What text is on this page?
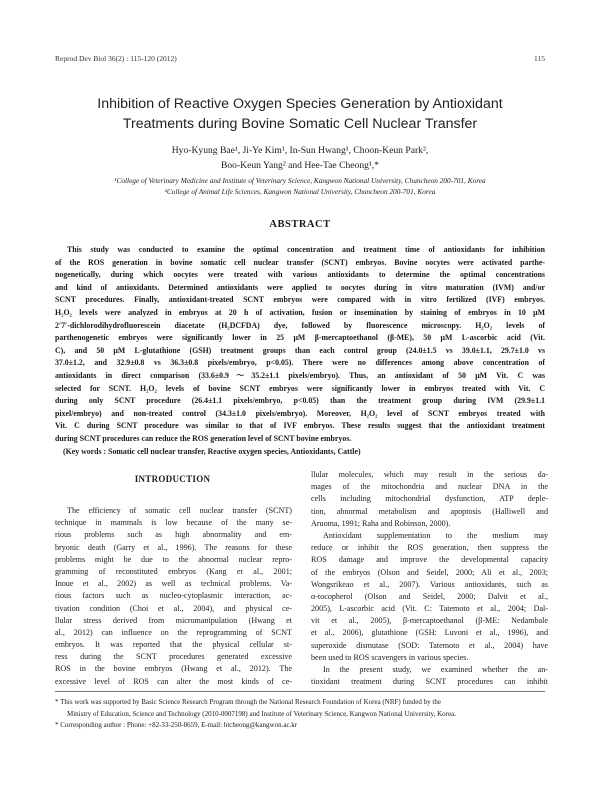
Reprod Dev Biol 36(2) : 115-120 (2012)	115
Inhibition of Reactive Oxygen Species Generation by Antioxidant
Treatments during Bovine Somatic Cell Nuclear Transfer
Hyo-Kyung Bae¹, Ji-Ye Kim¹, In-Sun Hwang¹, Choon-Keun Park²,
Boo-Keun Yang² and Hee-Tae Cheong¹,*
¹College of Veterinary Medicine and Institute of Veterinary Science, Kangwon National University, Chuncheon 200-701, Korea
²College of Animal Life Sciences, Kangwon National University, Chuncheon 200-701, Korea
ABSTRACT
This study was conducted to examine the optimal concentration and treatment time of antioxidants for inhibition
of the ROS generation in bovine somatic cell nuclear transfer (SCNT) embryos. Bovine oocytes were activated parthe-
nogenetically, during which oocytes were treated with various antioxidants to determine the optimal concentrations
and kind of antioxidants. Determined antioxidants were applied to oocytes during in vitro maturation (IVM) and/or
SCNT procedures. Finally, antioxidant-treated SCNT embryos were compared with in vitro fertilized (IVF) embryos.
H₂O₂ levels were analyzed in embryos at 20 h of activation, fusion or insemination by staining of embryos in 10 μM
2′7′-dichlorodihydrofluorescein diacetate (H₂DCFDA) dye, followed by fluorescence microscopy. H₂O₂ levels of
parthenogenetic embryos were significantly lower in 25 μM β-mercaptoethanol (β-ME), 50 μM L-ascorbic acid (Vit.
C), and 50 μM L-glutathione (GSH) treatment groups than each control group (24.0±1.5 vs 39.0±1.1, 29.7±1.0 vs
37.0±1.2, and 32.9±0.8 vs 36.3±0.8 pixels/embryo, p<0.05). There were no differences among above concentration of
antioxidants in direct comparison (33.6±0.9～35.2±1.1 pixels/embryo). Thus, an antioxidant of 50 μM Vit. C was
selected for SCNT. H₂O₂ levels of bovine SCNT embryos were significantly lower in embryos treated with Vit. C
during only SCNT procedure (26.4±1.1 pixels/embryo, p<0.05) than the treatment group during IVM (29.9±1.1
pixel/embryo) and non-treated control (34.3±1.0 pixels/embryo). Moreover, H₂O₂ level of SCNT embryos treated with
Vit. C during SCNT procedure was similar to that of IVF embryos. These results suggest that the antioxidant treatment
during SCNT procedures can reduce the ROS generation level of SCNT bovine embryos.
(Key words : Somatic cell nuclear transfer, Reactive oxygen species, Antioxidants, Cattle)
INTRODUCTION
The efficiency of somatic cell nuclear transfer (SCNT)
technique in mammals is low because of the many se-
rious problems such as high abnormality and em-
bryonic death (Garry et al., 1996). The reasons for these
problems might be due to the abnormal nuclear repro-
gramming of reconstituted embryos (Kang et al., 2001;
Inoue et al., 2002) as well as technical problems. Va-
rious factors such as nucleo-cytoplasmic interaction, ac-
tivation condition (Choi et al., 2004), and physical ce-
llular stress derived from micromanipulation (Hwang et
al., 2012) can influence on the reprogramming of SCNT
embryos. It was reported that the physical cellular st-
ress during the SCNT procedures generated excessive
ROS in the bovine embryos (Hwang et al., 2012). The
excessive level of ROS can alter the most kinds of ce-
llular molecules, which may result in the serious da-
mages of the mitochondria and nuclear DNA in the
cells including mitochondrial dysfunction, ATP deple-
tion, abnormal metabolism and apoptosis (Halliwell and
Aruoma, 1991; Raha and Robinson, 2000).
Antioxidant supplementation to the medium may
reduce or inhibit the ROS generation, then suppress the
ROS damage and improve the developmental capacity
of the embryos (Olson and Seidel, 2000; Ali et al., 2003;
Wongsrikeao et al., 2007). Various antioxidants, such as
α-tocopherol (Olson and Seidel, 2000; Dalvit et al.,
2005), L-ascorbic acid (Vit. C: Tatemoto et al., 2004; Dal-
vit et al., 2005), β-mercaptoethanol (β-ME: Nedambale
et al., 2006), glutathione (GSH: Luvoni et al., 1996), and
superoxide dismutase (SOD: Tatemoto et al., 2004) have
been used to ROS scavengers in various species.
In the present study, we examined whether the an-
tioxidant treatment during SCNT procedures can inhibit
* This work was supported by Basic Science Research Program through the National Research Foundation of Korea (NRF) funded by the
Ministry of Education, Science and Technology (2010-0007198) and Institute of Veterinary Science, Kangwon National University, Korea.
* Corresponding author : Phone: +82-33-250-8659, E-mail: htcheong@kangwon.ac.kr
